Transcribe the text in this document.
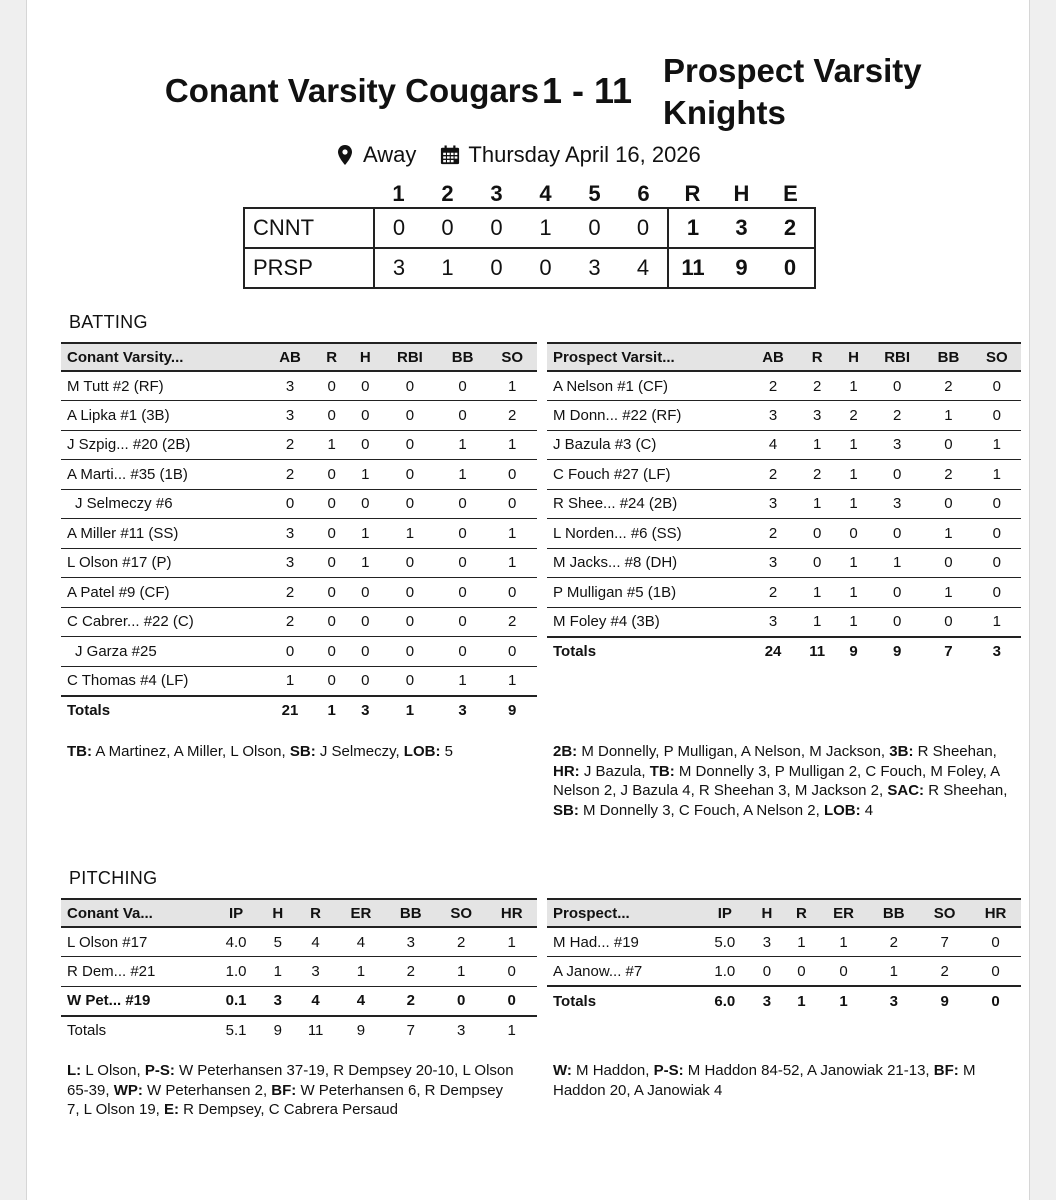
Conant Varsity Cougars 1 - 11 Prospect Varsity Knights
Away Thursday April 16, 2026
	1	2	3	4	5	6	R	H	E
CNNT	0	0	0	1	0	0	1	3	2
PRSP	3	1	0	0	3	4	11	9	0
BATTING
Conant Varsity...	AB	R	H	RBI	BB	SO
M Tutt #2 (RF)	3	0	0	0	0	1
A Lipka #1 (3B)	3	0	0	0	0	2
J Szpig... #20 (2B)	2	1	0	0	1	1
A Marti... #35 (1B)	2	0	1	0	1	0
J Selmeczy #6	0	0	0	0	0	0
A Miller #11 (SS)	3	0	1	1	0	1
L Olson #17 (P)	3	0	1	0	0	1
A Patel #9 (CF)	2	0	0	0	0	0
C Cabrer... #22 (C)	2	0	0	0	0	2
J Garza #25	0	0	0	0	0	0
C Thomas #4 (LF)	1	0	0	0	1	1
Totals	21	1	3	1	3	9
Prospect Varsit...	AB	R	H	RBI	BB	SO
A Nelson #1 (CF)	2	2	1	0	2	0
M Donn... #22 (RF)	3	3	2	2	1	0
J Bazula #3 (C)	4	1	1	3	0	1
C Fouch #27 (LF)	2	2	1	0	2	1
R Shee... #24 (2B)	3	1	1	3	0	0
L Norden... #6 (SS)	2	0	0	0	1	0
M Jacks... #8 (DH)	3	0	1	1	0	0
P Mulligan #5 (1B)	2	1	1	0	1	0
M Foley #4 (3B)	3	1	1	0	0	1
Totals	24	11	9	9	7	3
TB: A Martinez, A Miller, L Olson, SB: J Selmeczy, LOB: 5	2B: M Donnelly, P Mulligan, A Nelson, M Jackson, 3B: R Sheehan, HR: J Bazula, TB: M Donnelly 3, P Mulligan 2, C Fouch, M Foley, A Nelson 2, J Bazula 4, R Sheehan 3, M Jackson 2, SAC: R Sheehan, SB: M Donnelly 3, C Fouch, A Nelson 2, LOB: 4
PITCHING
Conant Va...	IP	H	R	ER	BB	SO	HR
L Olson #17	4.0	5	4	4	3	2	1
R Dem... #21	1.0	1	3	1	2	1	0
W Pet... #19	0.1	3	4	4	2	0	0
Totals	5.1	9	11	9	7	3	1
Prospect...	IP	H	R	ER	BB	SO	HR
M Had... #19	5.0	3	1	1	2	7	0
A Janow... #7	1.0	0	0	0	1	2	0
Totals	6.0	3	1	1	3	9	0
L: L Olson, P-S: W Peterhansen 37-19, R Dempsey 20-10, L Olson 65-39, WP: W Peterhansen 2, BF: W Peterhansen 6, R Dempsey 7, L Olson 19, E: R Dempsey, C Cabrera Persaud
W: M Haddon, P-S: M Haddon 84-52, A Janowiak 21-13, BF: M Haddon 20, A Janowiak 4
